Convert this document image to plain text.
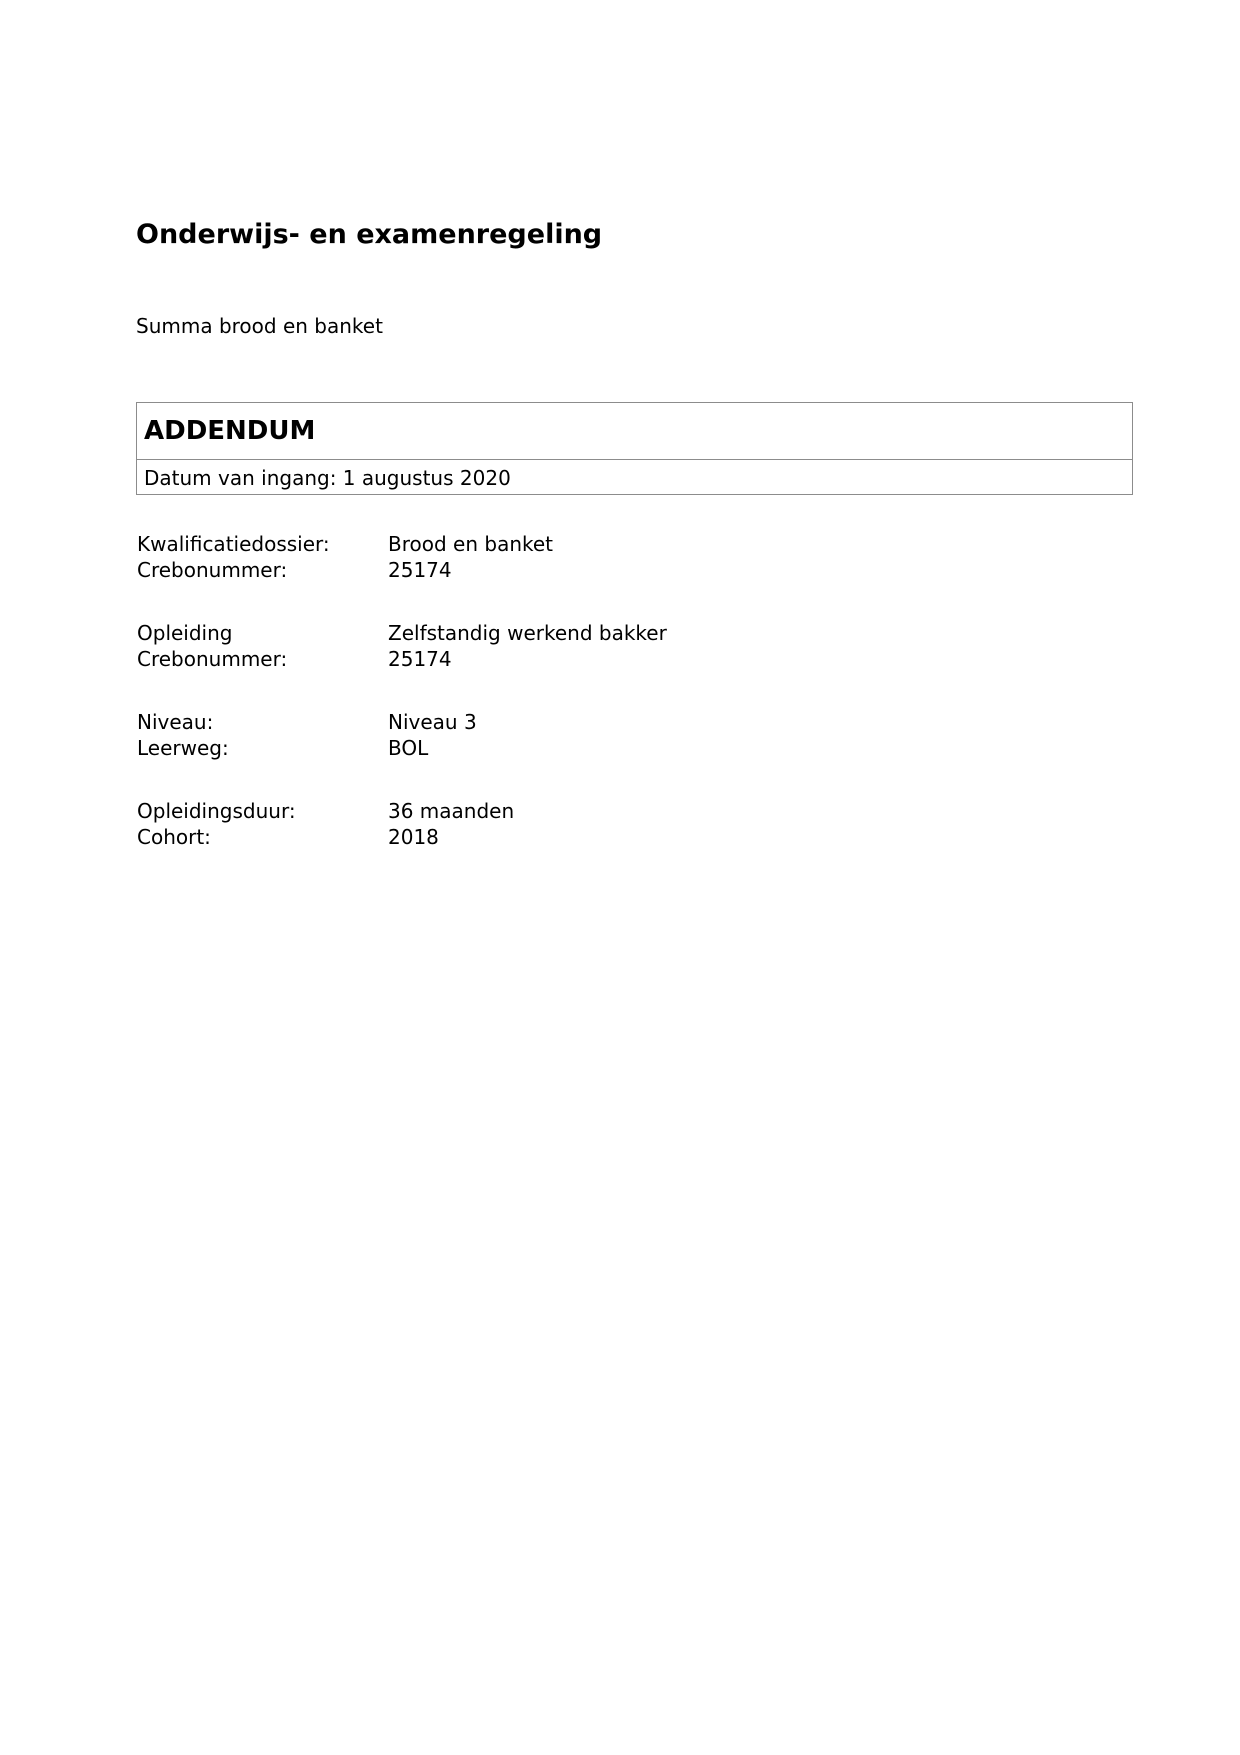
Onderwijs- en examenregeling

Summa brood en banket

ADDENDUM
Datum van ingang: 1 augustus 2020
Kwalificatiedossier:	Brood en banket
Crebonummer:	25174
Opleiding	Zelfstandig werkend bakker
Crebonummer:	25174
Niveau:	Niveau 3
Leerweg:	BOL
Opleidingsduur:	36 maanden
Cohort:	2018
